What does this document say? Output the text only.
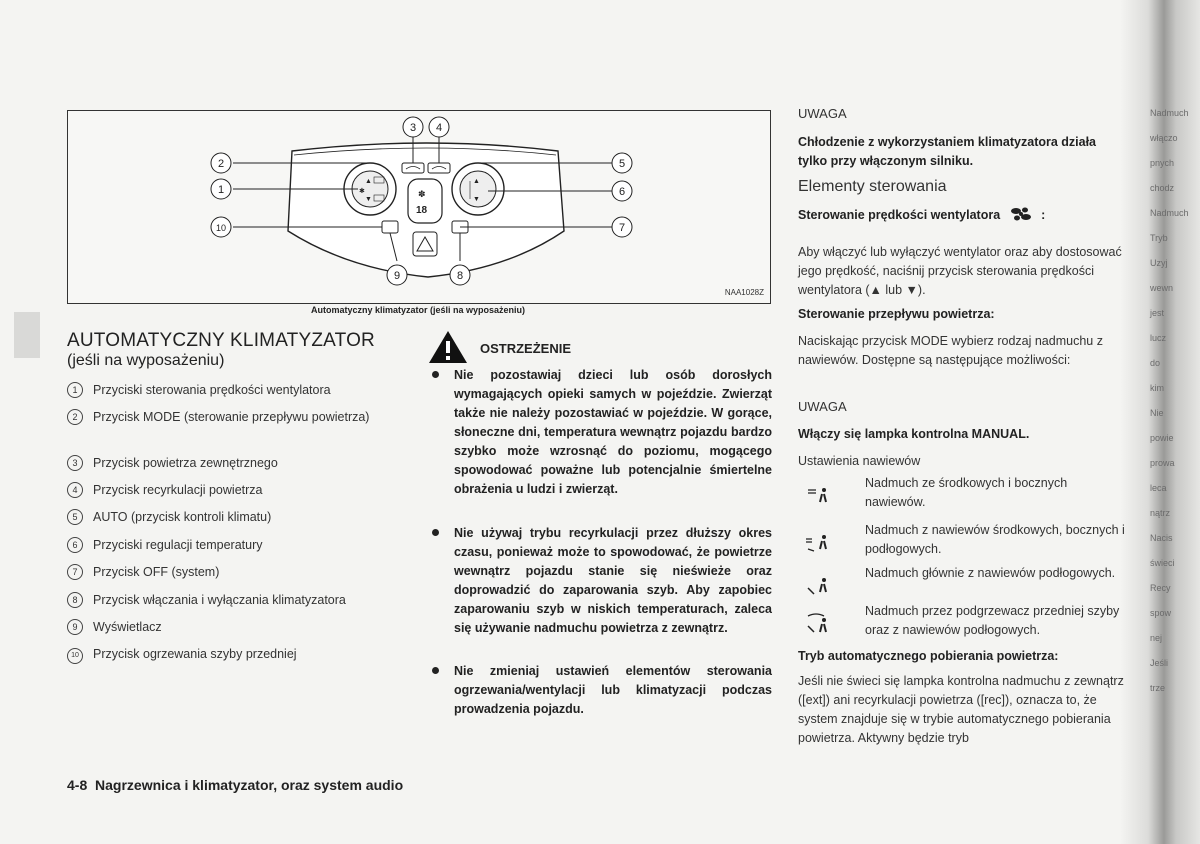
Nadmuch
włączo
pnych
chodz
Nadmuch
Tryb
Uzyj
wewn
jest
lucz
do
kim
Nie
powie
prowa
leca
nątrz
Nacis
świeci
Recy
spow
nej
Jeśli
trze
▲
▼
✱
▲
▼
✽
18
2
1
10
3 4
5
6
7
9	8
NAA1028Z
Automatyczny klimatyzator (jeśli na wyposażeniu)
AUTOMATYCZNY KLIMATYZATOR
(jeśli na wyposażeniu)
1 Przyciski sterowania prędkości wentylatora
2 Przycisk MODE (sterowanie przepływu powietrza)
3 Przycisk powietrza zewnętrznego
4 Przycisk recyrkulacji powietrza
5 AUTO (przycisk kontroli klimatu)
6 Przyciski regulacji temperatury
7 Przycisk OFF (system)
8 Przycisk włączania i wyłączania klimatyzatora
9 Wyświetlacz
10 Przycisk ogrzewania szyby przedniej
OSTRZEŻENIE
Nie pozostawiaj dzieci lub osób dorosłych wymagających opieki samych w pojeździe. Zwierząt także nie należy pozostawiać w pojeździe. W gorące, słoneczne dni, temperatura wewnątrz pojazdu bardzo szybko może wzrosnąć do poziomu, mogącego spowodować poważne lub potencjalnie śmiertelne obrażenia u ludzi i zwierząt.
Nie używaj trybu recyrkulacji przez dłuższy okres czasu, ponieważ może to spowodować, że powietrze wewnątrz pojazdu stanie się nieświeże oraz doprowadzić do zaparowania szyb. Aby zapobiec zaparowaniu szyb w niskich temperaturach, zaleca się używanie nadmuchu powietrza z zewnątrz.
Nie zmieniaj ustawień elementów sterowania ogrzewania/wentylacji lub klimatyzacji podczas prowadzenia pojazdu.
UWAGA
Chłodzenie z wykorzystaniem klimatyzatora działa tylko przy włączonym silniku.
Elementy sterowania
Sterowanie prędkości wentylatora	:
Aby włączyć lub wyłączyć wentylator oraz aby dostosować jego prędkość, naciśnij przycisk sterowania prędkości wentylatora (▲ lub ▼).
Sterowanie przepływu powietrza:
Naciskając przycisk MODE wybierz rodzaj nadmuchu z nawiewów. Dostępne są następujące możliwości:
UWAGA
Włączy się lampka kontrolna MANUAL.
Ustawienia nawiewów
Nadmuch ze środkowych i bocznych nawiewów.
Nadmuch z nawiewów środkowych, bocznych i podłogowych.
Nadmuch głównie z nawiewów podłogowych.
Nadmuch przez podgrzewacz przedniej szyby oraz z nawiewów podłogowych.
Tryb automatycznego pobierania powietrza:
Jeśli nie świeci się lampka kontrolna nadmuchu z zewnątrz ([ext]) ani recyrkulacji powietrza ([rec]), oznacza to, że system znajduje się w trybie automatycznego pobierania powietrza. Aktywny będzie tryb
4-8 Nagrzewnica i klimatyzator, oraz system audio
